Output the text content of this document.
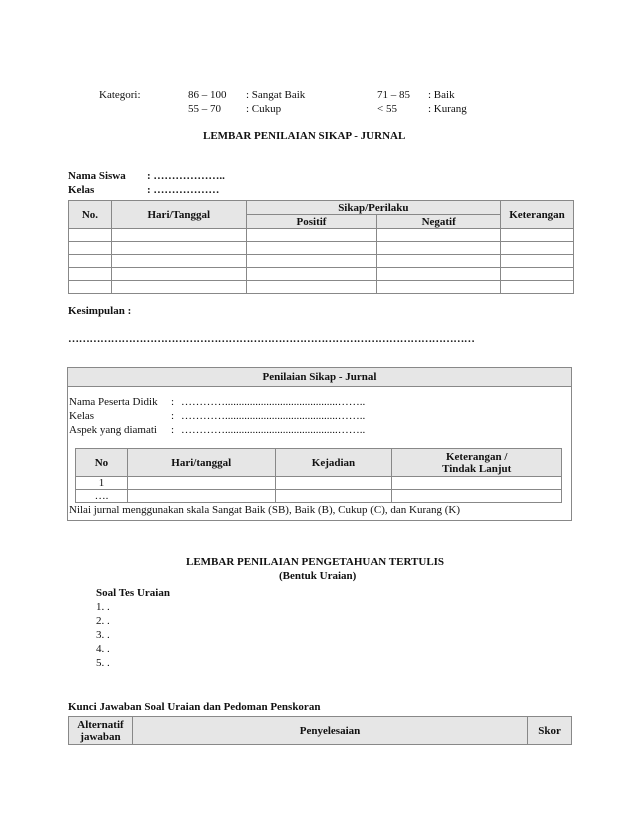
Kategori:	86 – 100 : Sangat Baik	71 – 85 : Baik
55 – 70 : Cukup	< 55	: Kurang
LEMBAR PENILAIAN SIKAP - JURNAL
Nama Siswa : ………………..
Kelas	: ………………
No.	Hari/Tanggal	Sikap/Perilaku		Keterangan
		Positif	Negatif	

Kesimpulan :
……………………………………………………………………………………………………
Penilaian Sikap - Jurnal
Nama Peserta Didik : ………….........................................……..
Kelas	: ………….........................................……..
Aspek yang diamati : ………….........................................……..
No	Hari/tanggal	Kejadian	Keterangan /
Tindak Lanjut

1			
….			
Nilai jurnal menggunakan skala Sangat Baik (SB), Baik (B), Cukup (C), dan Kurang (K)
LEMBAR PENILAIAN PENGETAHUAN TERTULIS
(Bentuk Uraian)
Soal Tes Uraian
1. .
2. .
3. .
4. .
5. .
Kunci Jawaban Soal Uraian dan Pedoman Penskoran
Alternatif
jawaban	Penyelesaian	Skor
